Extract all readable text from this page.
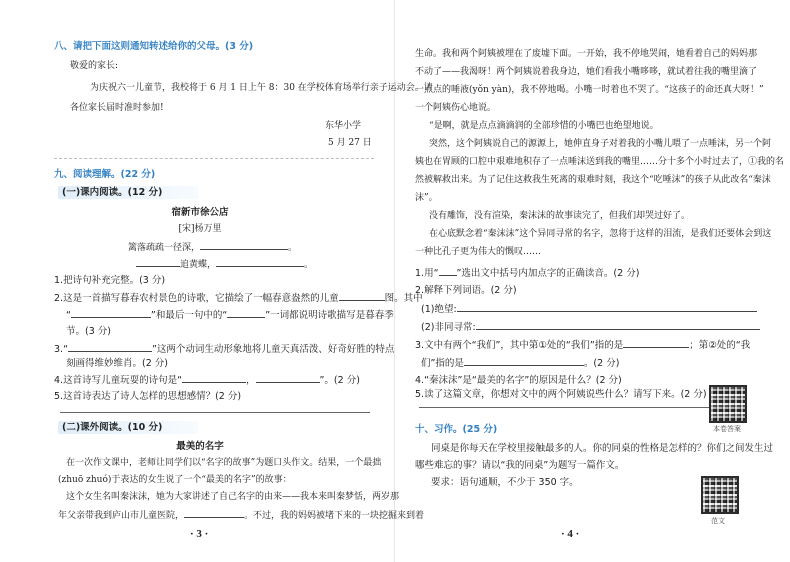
八、请把下面这则通知转述给你的父母。(3 分)
敬爱的家长:
为庆祝六一儿童节，我校将于 6 月 1 日上午 8：30 在学校体育场举行亲子运动会。请
各位家长届时准时参加!
东华小学
5 月 27 日
九、阅读理解。(22 分)
(一)课内阅读。(12 分)
宿新市徐公店
[宋]杨万里
篱落疏疏一径深，	。
追黄蝶，	。
1.把诗句补充完整。(3 分)
2.这是一首描写暮春农村景色的诗歌，它描绘了一幅春意盎然的儿童	图。其中
“	”和最后一句中的“	”一词都说明诗歌描写是暮春季
节。(3 分)
3.“	”这两个动词生动形象地将儿童天真活泼、好奇好胜的特点
刻画得维妙维肖。(2 分)
4.这首诗写儿童玩耍的诗句是“	，	”。(2 分)
5.这首诗表达了诗人怎样的思想感情？(2 分)
(二)课外阅读。(10 分)
最美的名字
在一次作文课中，老师让同学们以“名字的故事”为题口头作文。结果，一个最拙
(zhuō zhuó)于表达的女生说了一个“最美的名字”的故事：
这个女生名叫秦沫沫，她为大家讲述了自己名字的由来——我本来叫秦梦恬，两岁那
年父亲带我到庐山市儿童医院，	。不过，我的妈妈被堵下来的一块挖掘来到着
· 3 ·
生命。我和两个阿姨被埋在了废墟下面。一开始，我不停地哭闹，她看着自己的妈妈那
不动了——我渴呀！两个阿姨说着我身边，她们看我小嘴哆哆，就试着往我的嘴里滴了
一点点的唾液(yǒn yàn)，我不停地喝。小嘴一时着也不哭了。“这孩子的命还真大呀！”
一个阿姨伤心地说。
“是啊，就是点点滴滴润的全部珍惜的小嘴巴也绝望地说。
突然，这个阿姨说自己的源源上，她伸直身子对着我的小嘴儿喂了一点唾沫，另一个阿
姨也在胃顾的口腔中艰难地积存了一点唾沫送到我的嘴里……分十多个小时过去了，①我的名
然被解救出来。为了记住这救我生死离的艰难时刻，我这个“吃唾沫”的孩子从此改名“秦沫
沫”。
没有雕饰，没有渲染，秦沫沫的故事读完了，但我们却哭过好了。
在心底默念着“秦沫沫”这个异同寻常的名字，忽将于这样的泪流，是我们还要体会到这
一种比孔子更为伟大的慨叹……
1.用“ ”选出文中括号内加点字的正确读音。(2 分)
2.解释下列词语。(2 分)
(1)绝望:
(2)非同寻常:
3.文中有两个“我们”，其中第①处的“我们”指的是	；第②处的“我
们”指的是	。(2 分)
4.“秦沫沫”是“最美的名字”的原因是什么？(2 分)
5.读了这篇文章，你想对文中的两个阿姨说些什么？请写下来。(2 分)
本卷答案
十、习作。(25 分)
同桌是你每天在学校里接触最多的人。你的同桌的性格是怎样的？你们之间发生过
哪些难忘的事？请以“我的同桌”为题写一篇作文。
要求：语句通顺，不少于 350 字。
范文
· 4 ·
